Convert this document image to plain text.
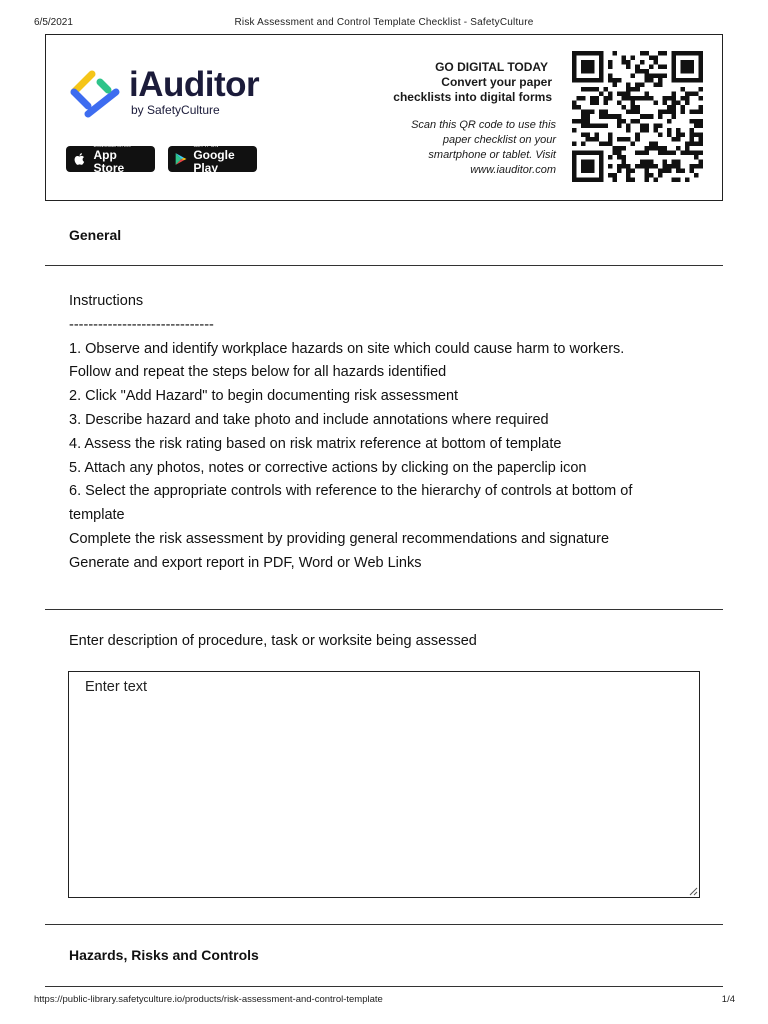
6/5/2021	Risk Assessment and Control Template Checklist - SafetyCulture
iAuditor
by SafetyCulture
Download on the
App Store
GET IT ON
Google Play
GO DIGITAL TODAY
Convert your paper
checklists into digital forms
Scan this QR code to use this
paper checklist on your
smartphone or tablet. Visit
www.iauditor.com
General
Instructions
------------------------------
1. Observe and identify workplace hazards on site which could cause harm to workers.
Follow and repeat the steps below for all hazards identified
2. Click "Add Hazard" to begin documenting risk assessment
3. Describe hazard and take photo and include annotations where required
4. Assess the risk rating based on risk matrix reference at bottom of template
5. Attach any photos, notes or corrective actions by clicking on the paperclip icon
6. Select the appropriate controls with reference to the hierarchy of controls at bottom of
template
Complete the risk assessment by providing general recommendations and signature
Generate and export report in PDF, Word or Web Links
Enter description of procedure, task or worksite being assessed
Enter text
Hazards, Risks and Controls
https://public-library.safetyculture.io/products/risk-assessment-and-control-template	1/4
